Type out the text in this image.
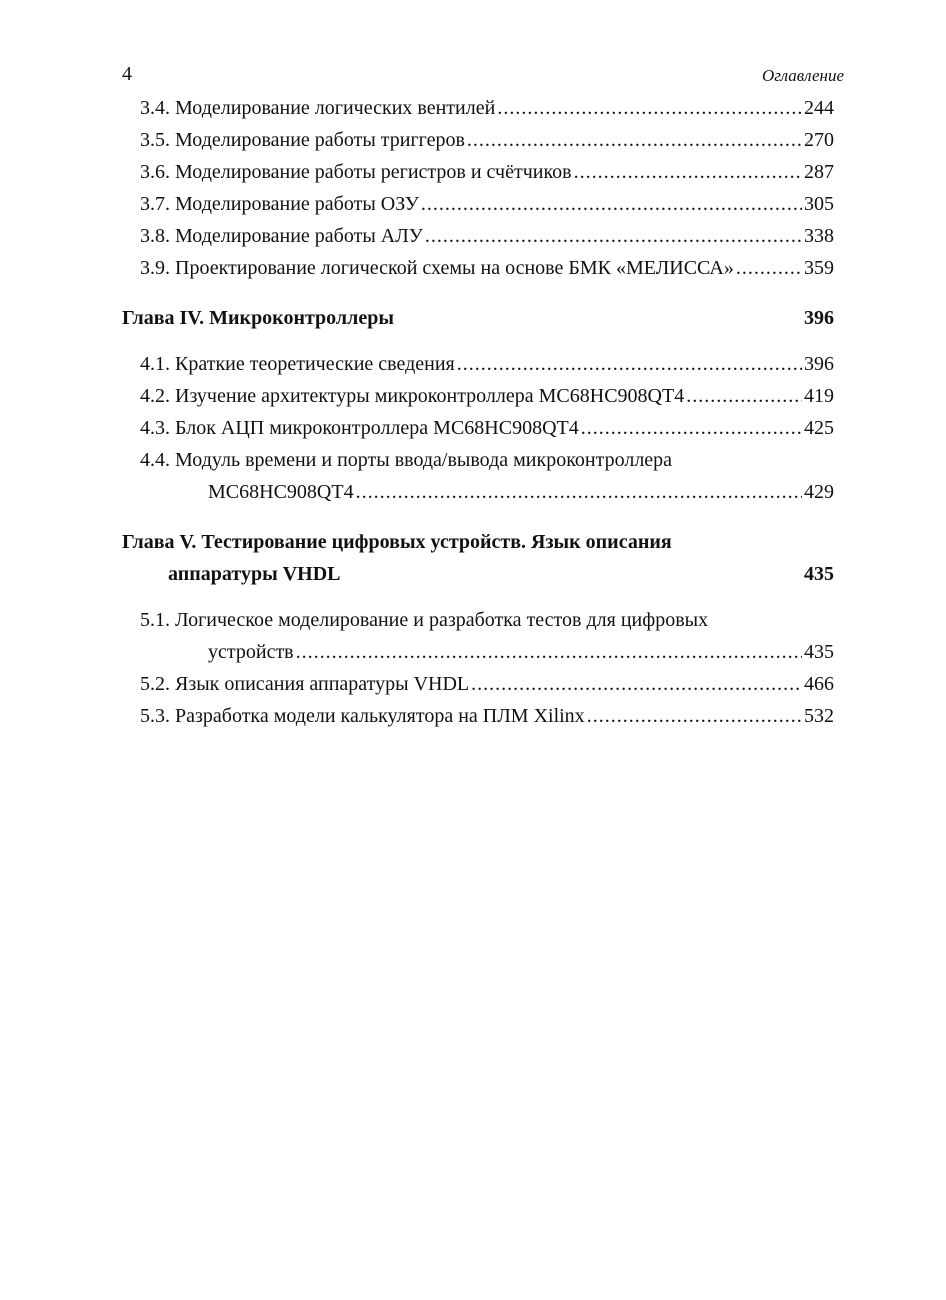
4	Оглавление
3.4. Моделирование логических вентилей .....	244
3.5. Моделирование работы триггеров .....	270
3.6. Моделирование работы регистров и счётчиков .....	287
3.7. Моделирование работы ОЗУ .....	305
3.8. Моделирование работы АЛУ .....	338
3.9. Проектирование логической схемы на основе БМК «МЕЛИССА» .....	359
Глава IV. Микроконтроллеры	396
4.1. Краткие теоретические сведения .....	396
4.2. Изучение архитектуры микроконтроллера MC68HC908QT4 .....	419
4.3. Блок АЦП микроконтроллера MC68HC908QT4 .....	425
4.4. Модуль времени и порты ввода/вывода микроконтроллера
MC68HC908QT4 .....	429
Глава V. Тестирование цифровых устройств. Язык описания
аппаратуры VHDL	435
5.1. Логическое моделирование и разработка тестов для цифровых
устройств .....	435
5.2. Язык описания аппаратуры VHDL .....	466
5.3. Разработка модели калькулятора на ПЛМ Xilinx .....	532
